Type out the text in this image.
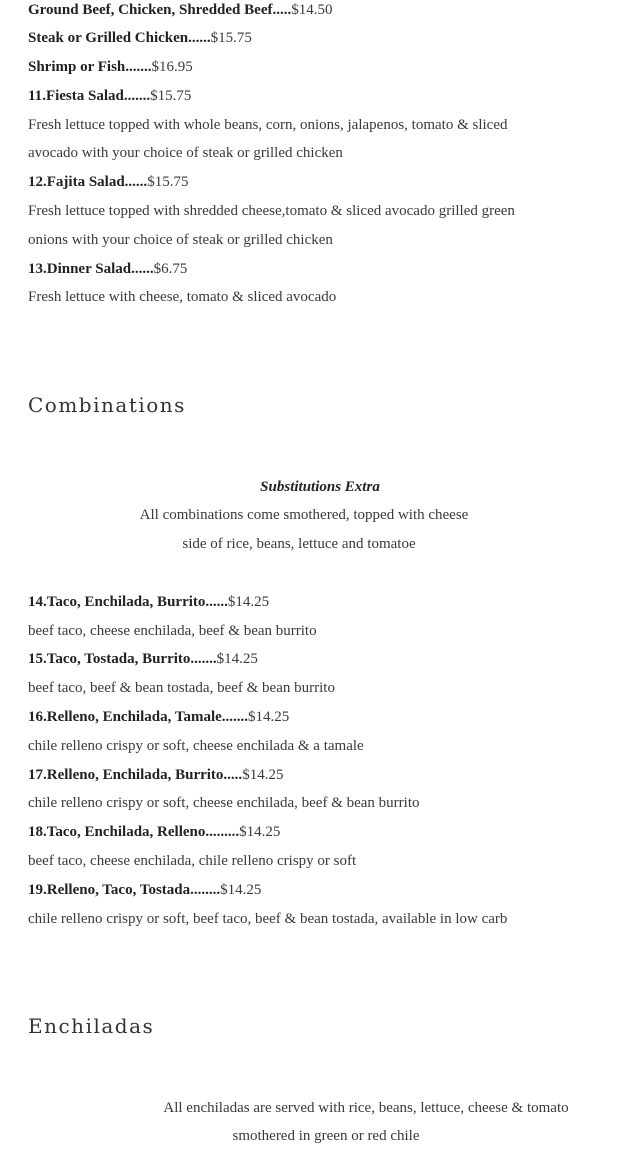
Ground Beef, Chicken, Shredded Beef.....$14.50
Steak or Grilled Chicken......$15.75
Shrimp or Fish.......$16.95
11.Fiesta Salad.......$15.75
Fresh lettuce topped with whole beans, corn, onions, jalapenos, tomato & sliced
avocado with your choice of steak or grilled chicken
12.Fajita Salad......$15.75
Fresh lettuce topped with shredded cheese,tomato & sliced avocado grilled green
onions with your choice of steak or grilled chicken
13.Dinner Salad......$6.75
Fresh lettuce with cheese, tomato & sliced avocado
Combinations
Substitutions Extra
All combinations come smothered, topped with cheese
side of rice, beans, lettuce and tomatoe
14.Taco, Enchilada, Burrito......$14.25
beef taco, cheese enchilada, beef & bean burrito
15.Taco, Tostada, Burrito.......$14.25
beef taco, beef & bean tostada, beef & bean burrito
16.Relleno, Enchilada, Tamale.......$14.25
chile relleno crispy or soft, cheese enchilada & a tamale
17.Relleno, Enchilada, Burrito.....$14.25
chile relleno crispy or soft, cheese enchilada, beef & bean burrito
18.Taco, Enchilada, Relleno.........$14.25
beef taco, cheese enchilada, chile relleno crispy or soft
19.Relleno, Taco, Tostada........$14.25
chile relleno crispy or soft, beef taco, beef & bean tostada, available in low carb
Enchiladas
All enchiladas are served with rice, beans, lettuce, cheese & tomato
smothered in green or red chile
